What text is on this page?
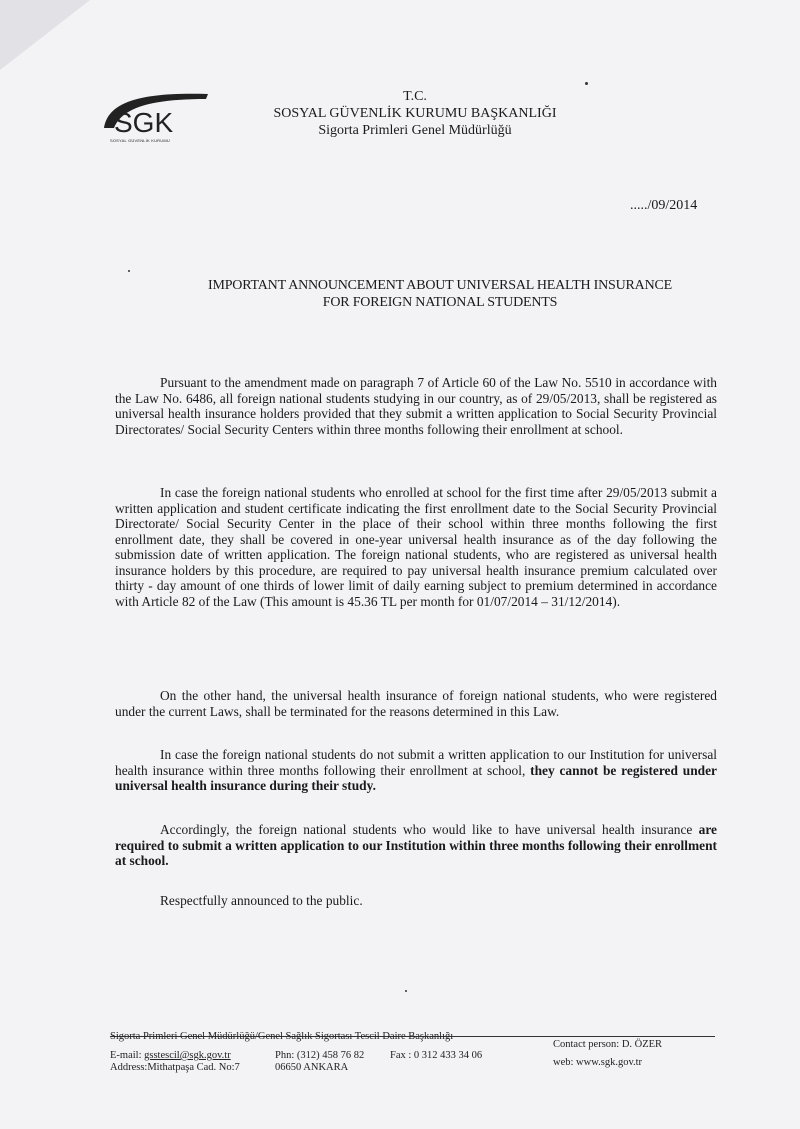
SGK
SOSYAL GÜVENLİK KURUMU
T.C.
SOSYAL GÜVENLİK KURUMU BAŞKANLIĞI
Sigorta Primleri Genel Müdürlüğü
...../09/2014
IMPORTANT ANNOUNCEMENT ABOUT UNIVERSAL HEALTH INSURANCE
FOR FOREIGN NATIONAL STUDENTS

Pursuant to the amendment made on paragraph 7 of Article 60 of the Law No. 5510 in accordance with the Law No. 6486, all foreign national students studying in our country, as of 29/05/2013, shall be registered as universal health insurance holders provided that they submit a written application to Social Security Provincial Directorates/ Social Security Centers within three months following their enrollment at school.

In case the foreign national students who enrolled at school for the first time after 29/05/2013 submit a written application and student certificate indicating the first enrollment date to the Social Security Provincial Directorate/ Social Security Center in the place of their school within three months following the first enrollment date, they shall be covered in one-year universal health insurance as of the day following the submission date of written application. The foreign national students, who are registered as universal health insurance holders by this procedure, are required to pay universal health insurance premium calculated over thirty - day amount of one thirds of lower limit of daily earning subject to premium determined in accordance with Article 82 of the Law (This amount is 45.36 TL per month for 01/07/2014 – 31/12/2014).

On the other hand, the universal health insurance of foreign national students, who were registered under the current Laws, shall be terminated for the reasons determined in this Law.

In case the foreign national students do not submit a written application to our Institution for universal health insurance within three months following their enrollment at school, they cannot be registered under universal health insurance during their study.

Accordingly, the foreign national students who would like to have universal health insurance are required to submit a written application to our Institution within three months following their enrollment at school.

Respectfully announced to the public.

Sigorta Primleri Genel Müdürlüğü/Genel Sağlık Sigortası Tescil Daire Başkanlığı
E-mail: gsstescil@sgk.gov.tr
Address:Mithatpaşa Cad. No:7
Phn: (312) 458 76 82
06650 ANKARA
Fax : 0 312 433 34 06
Contact person: D. ÖZER
web: www.sgk.gov.tr
